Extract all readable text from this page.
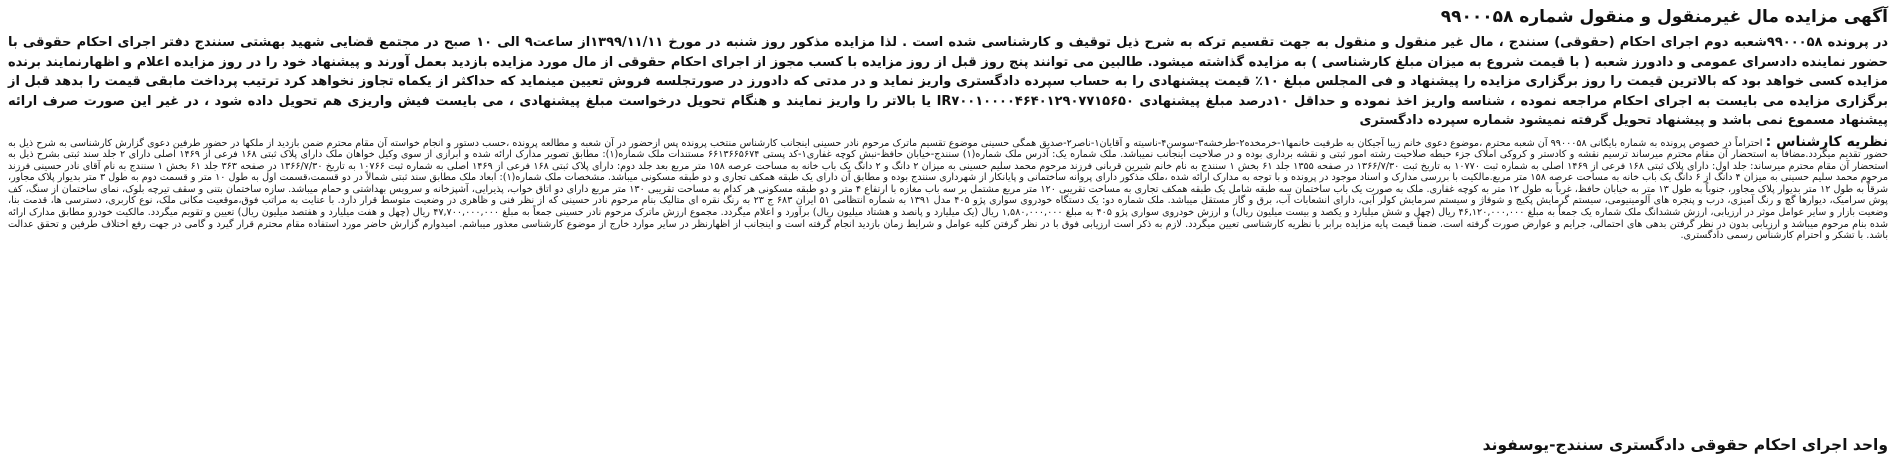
آگهی مزایده مال غیرمنقول و منقول شماره ۹۹۰۰۰۵۸

در پرونده ۹۹۰۰۰۵۸شعبه دوم اجرای احکام (حقوقی) سنندج ، مال غیر منقول و منقول به جهت تقسیم ترکه به شرح ذیل توقیف و کارشناسی شده است . لذا مزایده مذکور روز شنبه در مورخ ۱۳۹۹/۱۱/۱۱از ساعت۹ الی ۱۰ صبح در مجتمع قضایی شهید بهشتی سنندج دفتر اجرای احکام حقوقی با حضور نماینده دادسرای عمومی و دادورز شعبه ( با قیمت شروع به میزان مبلغ کارشناسی ) به مزایده گذاشته میشود. طالبین می توانند پنج روز قبل از روز مزایده با کسب مجوز از اجرای احکام حقوقی از مال مورد مزایده بازدید بعمل آورند و پیشنهاد خود را در روز مزایده اعلام و اظهارنمایند برنده مزایده کسی خواهد بود که بالاترین قیمت را روز برگزاری مزایده را پیشنهاد و فی المجلس مبلغ ۱۰٪ قیمت پیشنهادی را به حساب سپرده دادگستری واریز نماید و در مدتی که دادورز در صورتجلسه فروش تعیین مینماید که حداکثر از یکماه تجاوز نخواهد کرد ترتیب پرداخت مابقی قیمت را بدهد قبل از برگزاری مزایده می بایست به اجرای احکام مراجعه نموده ، شناسه واریز اخذ نموده و حداقل ۱۰درصد مبلغ پیشنهادی IR۷۰۰۱۰۰۰۰۴۶۴۰۱۲۹۰۷۷۱۵۶۵۰ یا بالاتر را واریز نمایند و هنگام تحویل درخواست مبلغ پیشنهادی ، می بایست فیش واریزی هم تحویل داده شود ، در غیر این صورت صرف ارائه پیشنهاد مسموع نمی باشد و پیشنهاد تحویل گرفته نمیشود شماره سپرده دادگستری

نظریه کارشناس : احتراماً در خصوص پرونده به شماره بایگانی ۹۹۰۰۰۵۸ آن شعبه محترم ،موضوع دعوی خانم زیبا آجیکان به طرفیت خانمها۱-خرمخده۲-طرخشه۳-سوسن۴-ناسیته و آقایان۱-ناصر۲-صدیق همگی حسینی موضوع تقسیم ماترک مرحوم نادر حسینی اینجانب کارشناس منتخب پرونده پس ازحضور در آن شعبه و مطالعه پرونده ،حسب دستور و انجام خواسته آن مقام محترم ضمن بازدید از ملکها در حضور طرفین دعوی گزارش کارشناسی به شرح ذیل به حضور تقدیم میگردد.مضافاً به استحضار آن مقام محترم میرساند ترسیم نقشه و کادستر و کروکی املاک جزء حیطه صلاحیت رشته امور ثبتی و نقشه برداری بوده و در صلاحیت اینجانب نمیباشد. ملک شماره یک: آدرس ملک شماره(۱) سنندج-خیابان حافظ-نبش کوچه غفاری۱-کد پستی ۶۶۱۳۶۶۵۶۷۴ مستندات ملک شماره(۱): مطابق تصویر مدارک ارائه شده و ابرازی از سوی وکیل خواهان ملک دارای پلاک ثبتی ۱۶۸ فرعی از ۱۴۶۹ اصلی دارای ۲ جلد سند ثبتی بشرح ذیل به استحضار آن مقام محترم میرساند: جلد اول: دارای پلاک ثبتی ۱۶۸ فرعی از ۱۴۶۹ اصلی به شماره ثبت ۱۰۷۷۰ به تاریخ ثبت ۱۳۶۶/۷/۳۰ در صفحه ۱۳۵۵ جلد ۶۱ بخش ۱ سنندج به نام خانم شیرین قربانی فرزند مرحوم محمد سلیم حسینی به میزان ۲ دانگ و ۲ دانگ یک باب خانه به مساحت عرصه ۱۵۸ متر مربع بعد جلد دوم: دارای پلاک ثبتی ۱۶۸ فرعی از ۱۴۶۹ اصلی به شماره ثبت ۱۰۷۶۶ به تاریخ ۱۳۶۶/۷/۳۰ در صفحه ۳۶۳ جلد ۶۱ بخش ۱ سنندج به نام آقای نادر حسینی فرزند مرحوم محمد سلیم حسینی به میزان ۴ دانگ از ۶ دانگ یک باب خانه به مساحت عرصه ۱۵۸ متر مربع.مالکیت با بررسی مدارک و اسناد موجود در پرونده و با توجه به مدارک ارائه شده ،ملک مذکور دارای پروانه ساختمانی و پایانکار از شهرداری سنندج بوده و مطابق آن دارای یک طبقه همکف تجاری و دو طبقه مسکونی میباشد. مشخصات ملک شماره(۱): ابعاد ملک مطابق سند ثبتی شمالاً در دو قسمت،قسمت اول به طول ۱۰ متر و قسمت دوم به طول ۳ متر بدیوار پلاک مجاور، شرقاً به طول ۱۲ متر بدیوار پلاک مجاور، جنوباً به طول ۱۳ متر به خیابان حافظ، غرباً به طول ۱۲ متر به کوچه غفاری. ملک به صورت یک باب ساختمان سه طبقه شامل یک طبقه همکف تجاری به مساحت تقریبی ۱۲۰ متر مربع مشتمل بر سه باب مغازه با ارتفاع ۴ متر و دو طبقه مسکونی هر کدام به مساحت تقریبی ۱۳۰ متر مربع دارای دو اتاق خواب، پذیرایی، آشپزخانه و سرویس بهداشتی و حمام میباشد. سازه ساختمان بتنی و سقف تیرچه بلوک، نمای ساختمان از سنگ، کف پوش سرامیک، دیوارها گچ و رنگ آمیزی، درب و پنجره های آلومینیومی، سیستم گرمایش پکیج و شوفاژ و سیستم سرمایش کولر آبی، دارای انشعابات آب، برق و گاز مستقل میباشد. ملک شماره دو: یک دستگاه خودروی سواری پژو ۴۰۵ مدل ۱۳۹۱ به شماره انتظامی ۵۱ ایران ۶۸۳ ج ۲۳ به رنگ نقره ای متالیک بنام مرحوم نادر حسینی که از نظر فنی و ظاهری در وضعیت متوسط قرار دارد. با عنایت به مراتب فوق،موقعیت مکانی ملک، نوع کاربری، دسترسی ها، قدمت بنا، وضعیت بازار و سایر عوامل موثر در ارزیابی، ارزش ششدانگ ملک شماره یک جمعاً به مبلغ ۴۶,۱۲۰,۰۰۰,۰۰۰ ریال (چهل و شش میلیارد و یکصد و بیست میلیون ریال) و ارزش خودروی سواری پژو ۴۰۵ به مبلغ ۱,۵۸۰,۰۰۰,۰۰۰ ریال (یک میلیارد و پانصد و هشتاد میلیون ریال) برآورد و اعلام میگردد. مجموع ارزش ماترک مرحوم نادر حسینی جمعاً به مبلغ ۴۷,۷۰۰,۰۰۰,۰۰۰ ریال (چهل و هفت میلیارد و هفتصد میلیون ریال) تعیین و تقویم میگردد. مالکیت خودرو مطابق مدارک ارائه شده بنام مرحوم میباشد و ارزیابی بدون در نظر گرفتن بدهی های احتمالی، جرایم و عوارض صورت گرفته است. ضمناً قیمت پایه مزایده برابر با نظریه کارشناسی تعیین میگردد. لازم به ذکر است ارزیابی فوق با در نظر گرفتن کلیه عوامل و شرایط زمان بازدید انجام گرفته است و اینجانب از اظهارنظر در سایر موارد خارج از موضوع کارشناسی معذور میباشم. امیدوارم گزارش حاضر مورد استفاده مقام محترم قرار گیرد و گامی در جهت رفع اختلاف طرفین و تحقق عدالت باشد. با تشکر و احترام کارشناس رسمی دادگستری.
واحد اجرای احکام حقوقی دادگستری سنندج-یوسفوند
